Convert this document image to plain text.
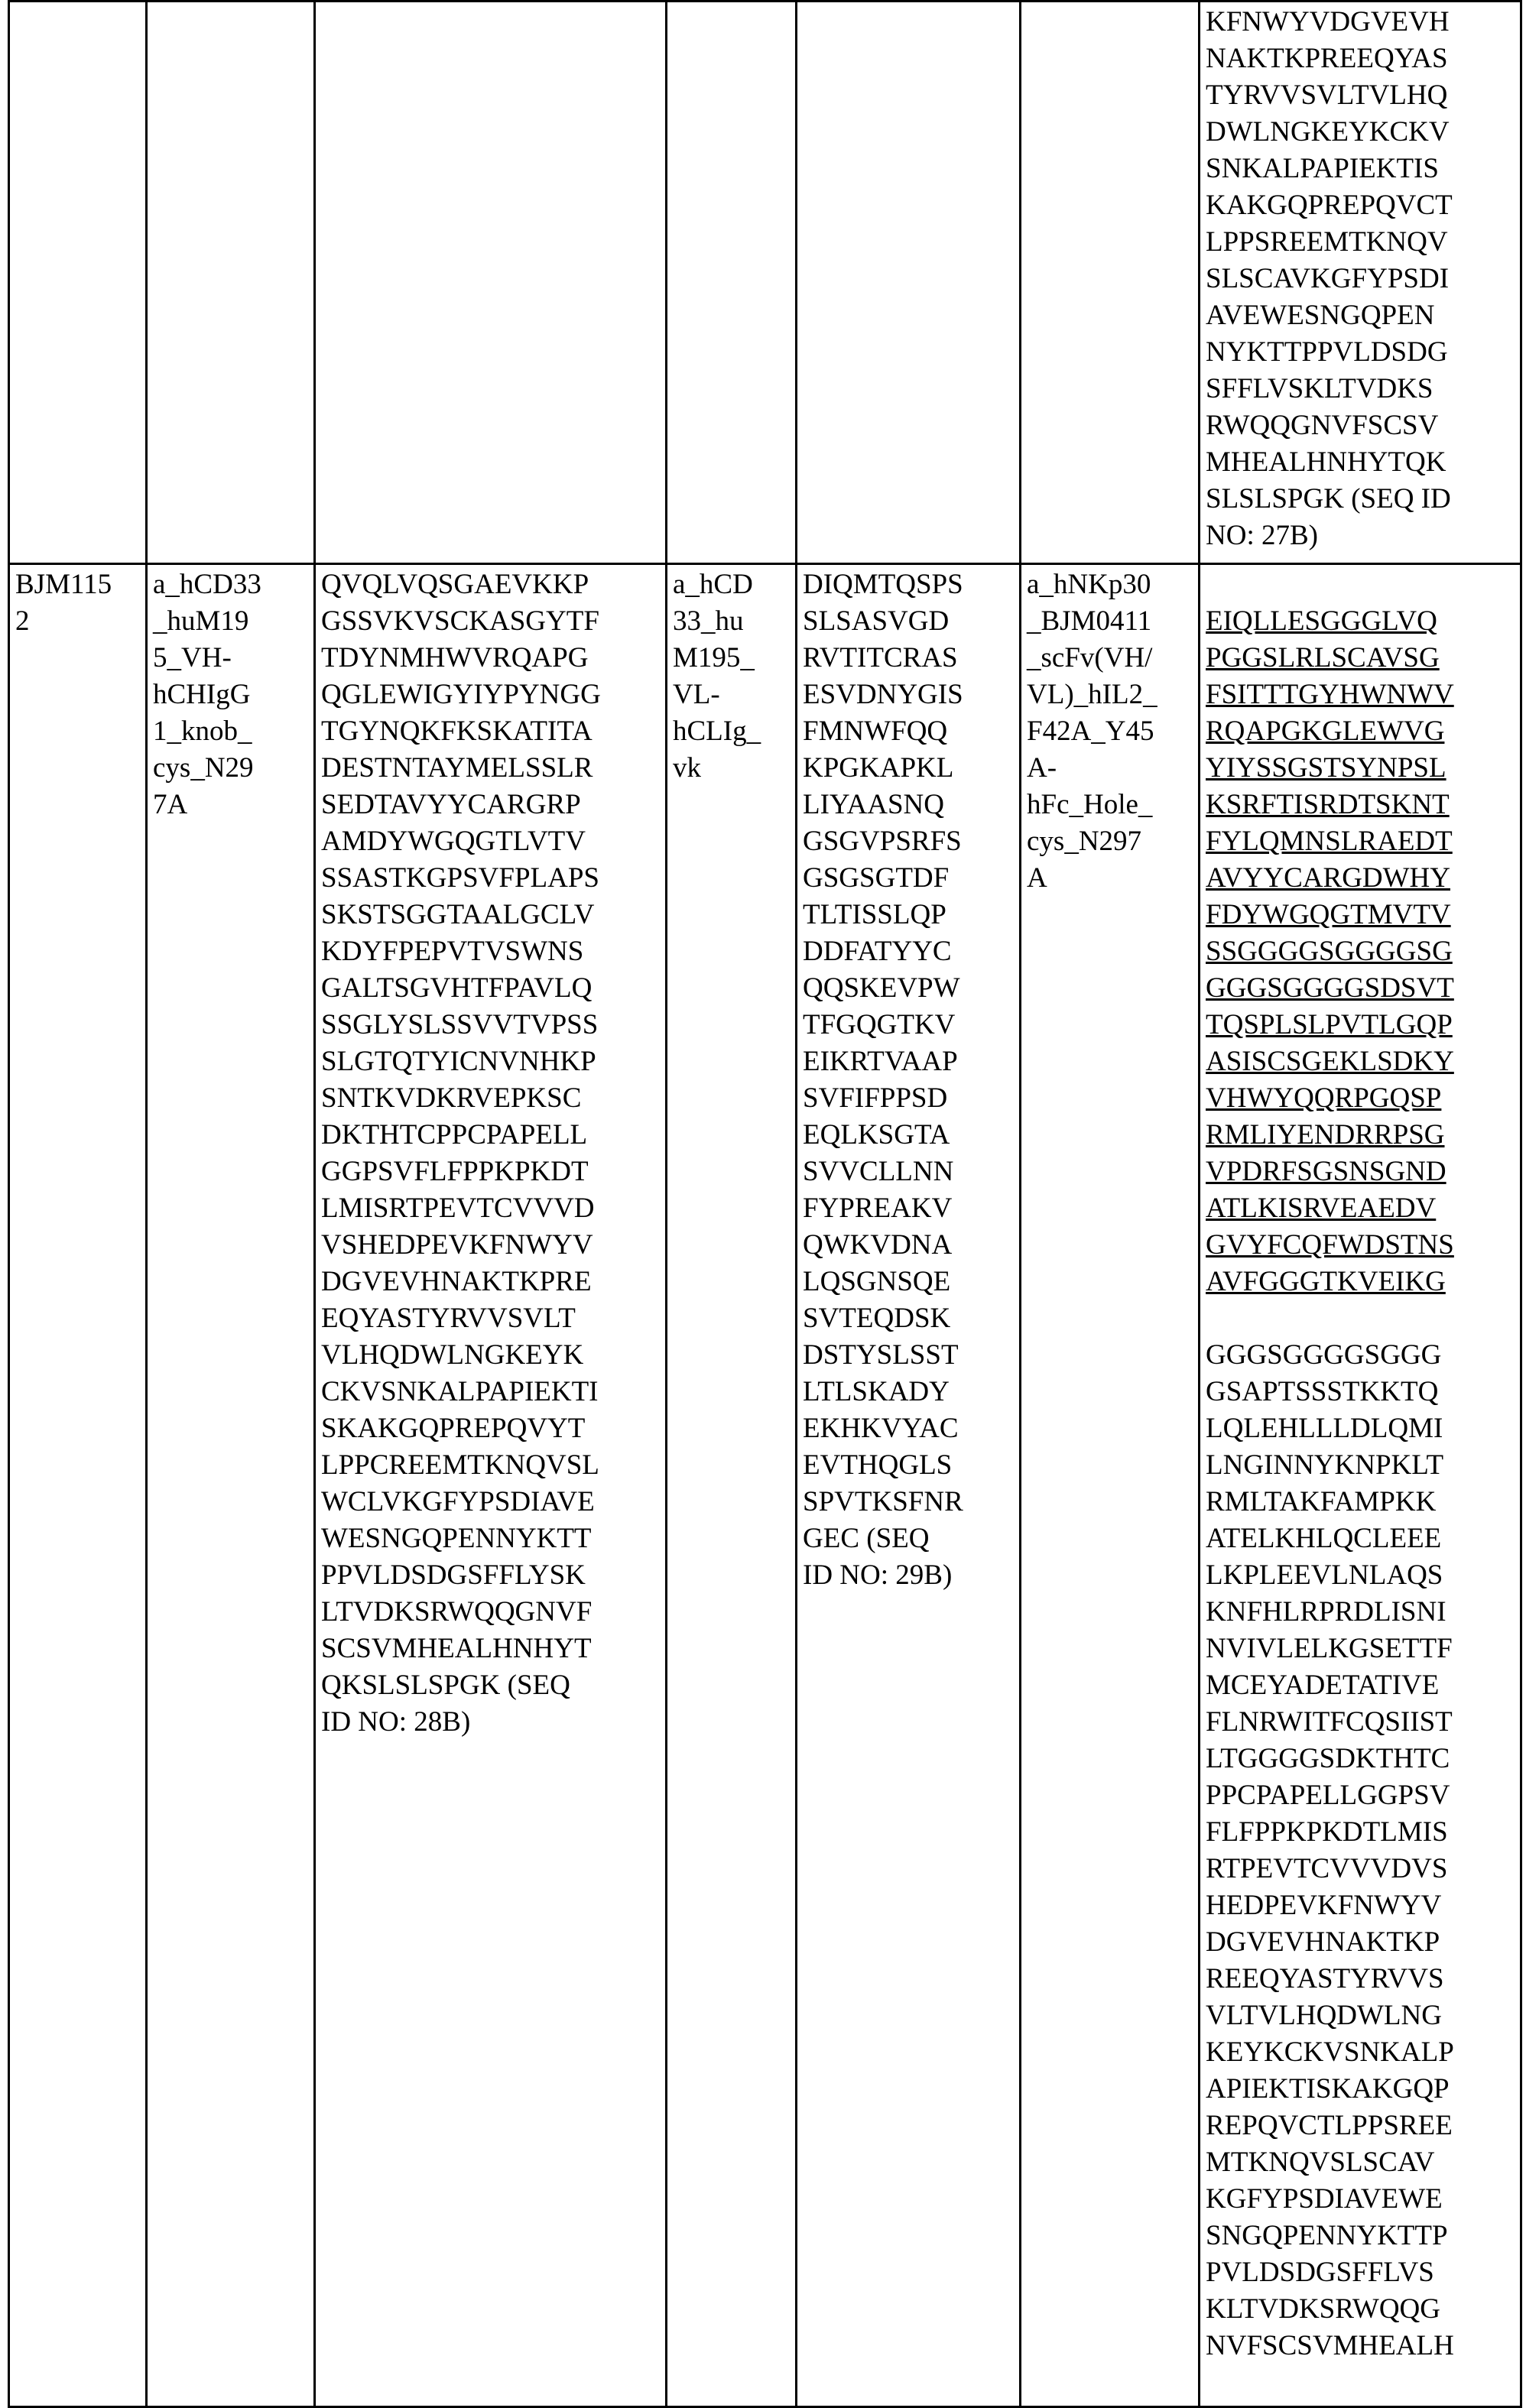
						KFNWYVDGVEVH
NAKTKPREEQYAS
TYRVVSVLTVLHQ
DWLNGKEYKCKV
SNKALPAPIEKTIS
KAKGQPREPQVCT
LPPSREEMTKNQV
SLSCAVKGFYPSDI
AVEWESNGQPEN
NYKTTPPVLDSDG
SFFLVSKLTVDKS
RWQQGNVFSCSV
MHEALHNHYTQK
SLSLSPGK (SEQ ID
NO: 27B)
BJM115
2	a_hCD33
_huM19
5_VH-
hCHIgG
1_knob_
cys_N29
7A	QVQLVQSGAEVKKP
GSSVKVSCKASGYTF
TDYNMHWVRQAPG
QGLEWIGYIYPYNGG
TGYNQKFKSKATITA
DESTNTAYMELSSLR
SEDTAVYYCARGRP
AMDYWGQGTLVTV
SSASTKGPSVFPLAPS
SKSTSGGTAALGCLV
KDYFPEPVTVSWNS
GALTSGVHTFPAVLQ
SSGLYSLSSVVTVPSS
SLGTQTYICNVNHKP
SNTKVDKRVEPKSC
DKTHTCPPCPAPELL
GGPSVFLFPPKPKDT
LMISRTPEVTCVVVD
VSHEDPEVKFNWYV
DGVEVHNAKTKPRE
EQYASTYRVVSVLT
VLHQDWLNGKEYK
CKVSNKALPAPIEKTI
SKAKGQPREPQVYT
LPPCREEMTKNQVSL
WCLVKGFYPSDIAVE
WESNGQPENNYKTT
PPVLDSDGSFFLYSK
LTVDKSRWQQGNVF
SCSVMHEALHNHYT
QKSLSLSPGK (SEQ
ID NO: 28B)	a_hCD
33_hu
M195_
VL-
hCLIg_
vk	DIQMTQSPS
SLSASVGD
RVTITCRAS
ESVDNYGIS
FMNWFQQ
KPGKAPKL
LIYAASNQ
GSGVPSRFS
GSGSGTDF
TLTISSLQP
DDFATYYC
QQSKEVPW
TFGQGTKV
EIKRTVAAP
SVFIFPPSD
EQLKSGTA
SVVCLLNN
FYPREAKV
QWKVDNA
LQSGNSQE
SVTEQDSK
DSTYSLSST
LTLSKADY
EKHKVYAC
EVTHQGLS
SPVTKSFNR
GEC (SEQ
ID NO: 29B)	a_hNKp30
_BJM0411
_scFv(VH/
VL)_hIL2_
F42A_Y45
A-
hFc_Hole_
cys_N297
A	

EIQLLESGGGLVQ
PGGSLRLSCAVSG
FSITTTGYHWNWV
RQAPGKGLEWVG
YIYSSGSTSYNPSL
KSRFTISRDTSKNT
FYLQMNSLRAEDT
AVYYCARGDWHY
FDYWGQGTMVTV
SSGGGGSGGGGSG
GGGSGGGGSDSVT
TQSPLSLPVTLGQP
ASISCSGEKLSDKY
VHWYQQRPGQSP
RMLIYENDRRPSG
VPDRFSGSNSGND
ATLKISRVEAEDV
GVYFCQFWDSTNS
AVFGGGTKVEIKG

GGGSGGGGSGGG
GSAPTSSSTKKTQ
LQLEHLLLDLQMI
LNGINNYKNPKLT
RMLTAKFAMPKK
ATELKHLQCLEEE
LKPLEEVLNLAQS
KNFHLRPRDLISNI
NVIVLELKGSETTF
MCEYADETATIVE
FLNRWITFCQSIIST
LTGGGGSDKTHTC
PPCPAPELLGGPSV
FLFPPKPKDTLMIS
RTPEVTCVVVDVS
HEDPEVKFNWYV
DGVEVHNAKTKP
REEQYASTYRVVS
VLTVLHQDWLNG
KEYKCKVSNKALP
APIEKTISKAKGQP
REPQVCTLPPSREE
MTKNQVSLSCAV
KGFYPSDIAVEWE
SNGQPENNYKTTP
PVLDSDGSFFLVS
KLTVDKSRWQQG
NVFSCSVMHEALH
